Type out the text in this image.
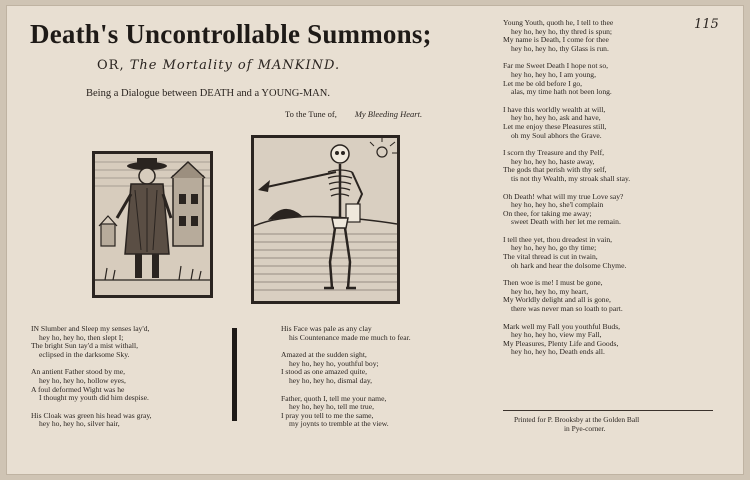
115
Death's Uncontrollable Summons;
OR, The Mortality of MANKIND.
Being a Dialogue between DEATH and a YOUNG-MAN.
To the Tune of, My Bleeding Heart.
IN Slumber and Sleep my senses lay'd,
hey ho, hey ho, then slept I;
The bright Sun tay'd a mist withall,
eclipsed in the darksome Sky.
An antient Father stood by me,
hey ho, hey ho, hollow eyes,
A foul deformed Wight was he
I thought my youth did him despise.
His Cloak was green his head was gray,
hey ho, hey ho, silver hair,
His Face was pale as any clay
his Countenance made me much to fear.
Amazed at the sudden sight,
hey ho, hey ho, youthful boy;
I stood as one amazed quite,
hey ho, hey ho, dismal day,
Father, quoth I, tell me your name,
hey ho, hey ho, tell me true,
I pray you tell to me the same,
my joynts to tremble at the view.
Young Youth, quoth he, I tell to thee
hey ho, hey ho, thy thred is spun;
My name is Death, I come for thee
hey ho, hey ho, thy Glass is run.
Far me Sweet Death I hope not so,
hey ho, hey ho, I am young,
Let me be old before I go,
alas, my time hath not been long.
I have this worldly wealth at will,
hey ho, hey ho, ask and have,
Let me enjoy these Pleasures still,
oh my Soul abhors the Grave.
I scorn thy Treasure and thy Pelf,
hey ho, hey ho, haste away,
The gods that perish with thy self,
tis not thy Wealth, my stroak shall stay.
Oh Death! what will my true Love say?
hey ho, hey ho, she'l complain
On thee, for taking me away;
sweet Death with her let me remain.
I tell thee yet, thou dreadest in vain,
hey ho, hey ho, go thy time;
The vital thread is cut in twain,
oh hark and hear the dolsome Chyme.
Then woe is me! I must be gone,
hey ho, hey ho, my heart,
My Worldly delight and all is gone,
there was never man so loath to part.
Mark well my Fall you youthful Buds,
hey ho, hey ho, view my Fall,
My Pleasures, Plenty Life and Goods,
hey ho, hey ho, Death ends all.
Printed for P. Brooksby at the Golden Ball
in Pye-corner.
